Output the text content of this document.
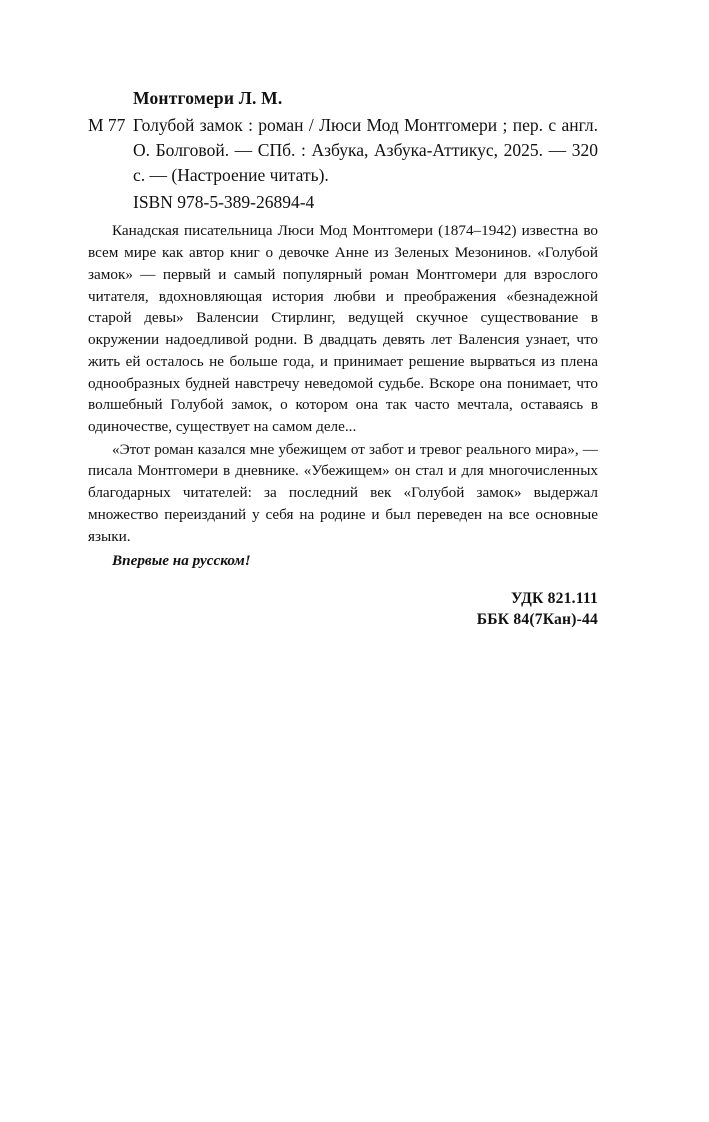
Монтгомери Л. М.
М 77 Голубой замок : роман / Люси Мод Монтгомери ; пер. с англ. О. Болговой. — СПб. : Азбука, Азбука-Аттикус, 2025. — 320 с. — (Настроение читать).
ISBN 978-5-389-26894-4

Канадская писательница Люси Мод Монтгомери (1874–1942) известна во всем мире как автор книг о девочке Анне из Зеленых Мезонинов. «Голубой замок» — первый и самый популярный роман Монтгомери для взрослого читателя, вдохновляющая история любви и преображения «безнадежной старой девы» Валенсии Стирлинг, ведущей скучное существование в окружении надоедливой родни. В двадцать девять лет Валенсия узнает, что жить ей осталось не больше года, и принимает решение вырваться из плена однообразных будней навстречу неведомой судьбе. Вскоре она понимает, что волшебный Голубой замок, о котором она так часто мечтала, оставаясь в одиночестве, существует на самом деле...

«Этот роман казался мне убежищем от забот и тревог реального мира», — писала Монтгомери в дневнике. «Убежищем» он стал и для многочисленных благодарных читателей: за последний век «Голубой замок» выдержал множество переизданий у себя на родине и был переведен на все основные языки.

Впервые на русском!
УДК 821.111
ББК 84(7Кан)-44
